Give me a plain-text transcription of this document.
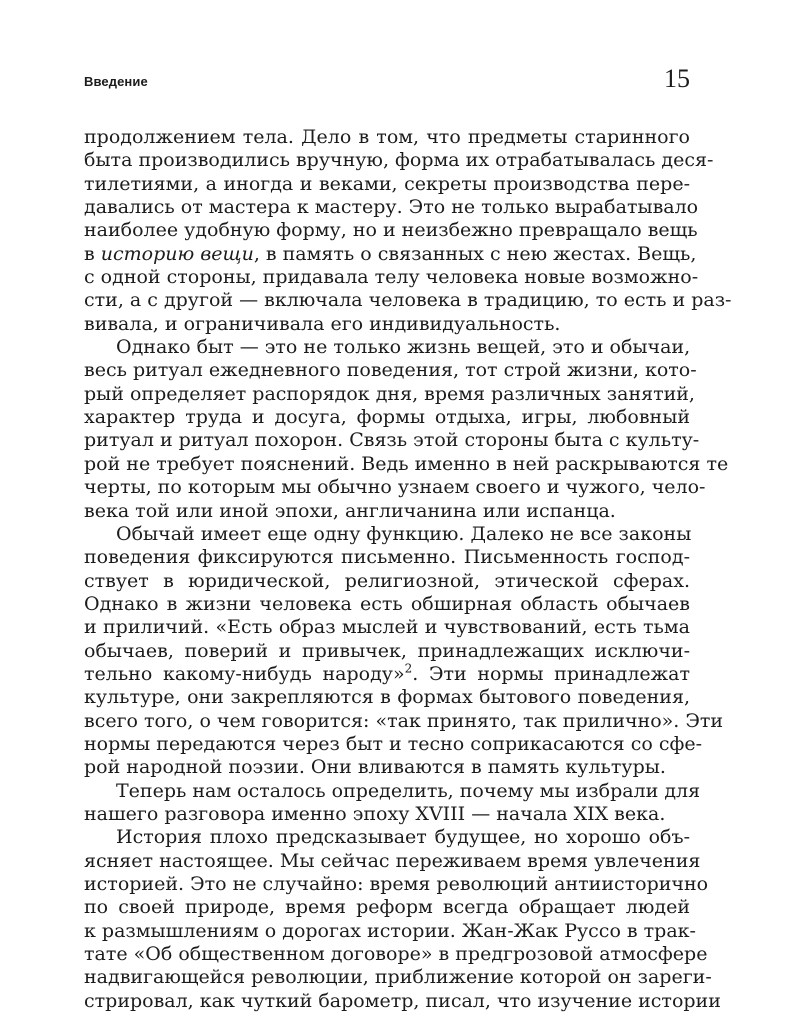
Введение	15
продолжением тела. Дело в том, что предметы старинного
быта производились вручную, форма их отрабатывалась деся-
тилетиями, а иногда и веками, секреты производства пере-
давались от мастера к мастеру. Это не только вырабатывало
наиболее удобную форму, но и неизбежно превращало вещь
в историю вещи, в память о связанных с нею жестах. Вещь,
с одной стороны, придавала телу человека новые возможно-
сти, а с другой — включала человека в традицию, то есть и раз-
вивала, и ограничивала его индивидуальность.
Однако быт — это не только жизнь вещей, это и обычаи,
весь ритуал ежедневного поведения, тот строй жизни, кото-
рый определяет распорядок дня, время различных занятий,
характер труда и досуга, формы отдыха, игры, любовный
ритуал и ритуал похорон. Связь этой стороны быта с культу-
рой не требует пояснений. Ведь именно в ней раскрываются те
черты, по которым мы обычно узнаем своего и чужого, чело-
века той или иной эпохи, англичанина или испанца.
Обычай имеет еще одну функцию. Далеко не все законы
поведения фиксируются письменно. Письменность господ-
ствует в юридической, религиозной, этической сферах.
Однако в жизни человека есть обширная область обычаев
и приличий. «Есть образ мыслей и чувствований, есть тьма
обычаев, поверий и привычек, принадлежащих исключи-
тельно какому-нибудь народу»$^2$. Эти нормы принадлежат
культуре, они закрепляются в формах бытового поведения,
всего того, о чем говорится: «так принято, так прилично». Эти
нормы передаются через быт и тесно соприкасаются со сфе-
рой народной поэзии. Они вливаются в память культуры.
Теперь нам осталось определить, почему мы избрали для
нашего разговора именно эпоху XVIII — начала XIX века.
История плохо предсказывает будущее, но хорошо объ-
ясняет настоящее. Мы сейчас переживаем время увлечения
историей. Это не случайно: время революций антиисторично
по своей природе, время реформ всегда обращает людей
к размышлениям о дорогах истории. Жан-Жак Руссо в трак-
тате «Об общественном договоре» в предгрозовой атмосфере
надвигающейся революции, приближение которой он зареги-
стрировал, как чуткий барометр, писал, что изучение истории
